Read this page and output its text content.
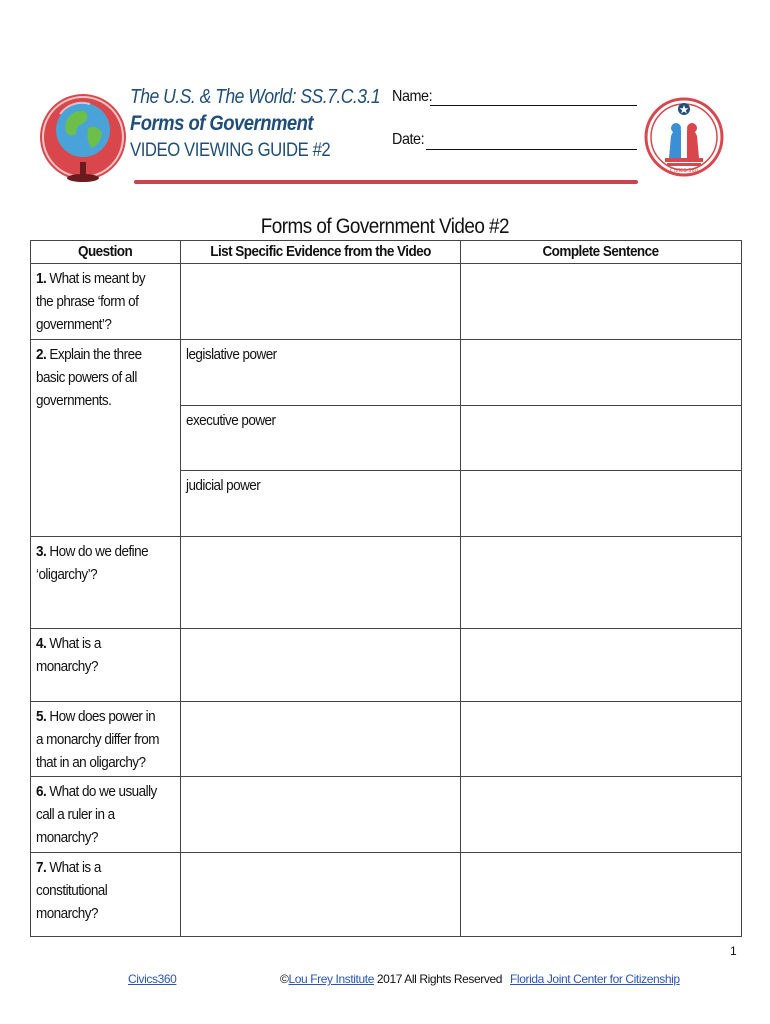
The U.S. & The World: SS.7.C.3.1
Forms of Government
VIDEO VIEWING GUIDE #2
Name:
Date:
CIVICS 360
Forms of Government Video #2
Question	List Specific Evidence from the Video	Complete Sentence
1. What is meant by the phrase ‘form of government’?		
2. Explain the three basic powers of all governments.	legislative power	
	executive power	
	judicial power	
3. How do we define ‘oligarchy’?		
4. What is a monarchy?		
5. How does power in a monarchy differ from that in an oligarchy?		
6. What do we usually call a ruler in a monarchy?		
7. What is a constitutional monarchy?		
1
Civics360	©Lou Frey Institute 2017 All Rights Reserved Florida Joint Center for Citizenship
